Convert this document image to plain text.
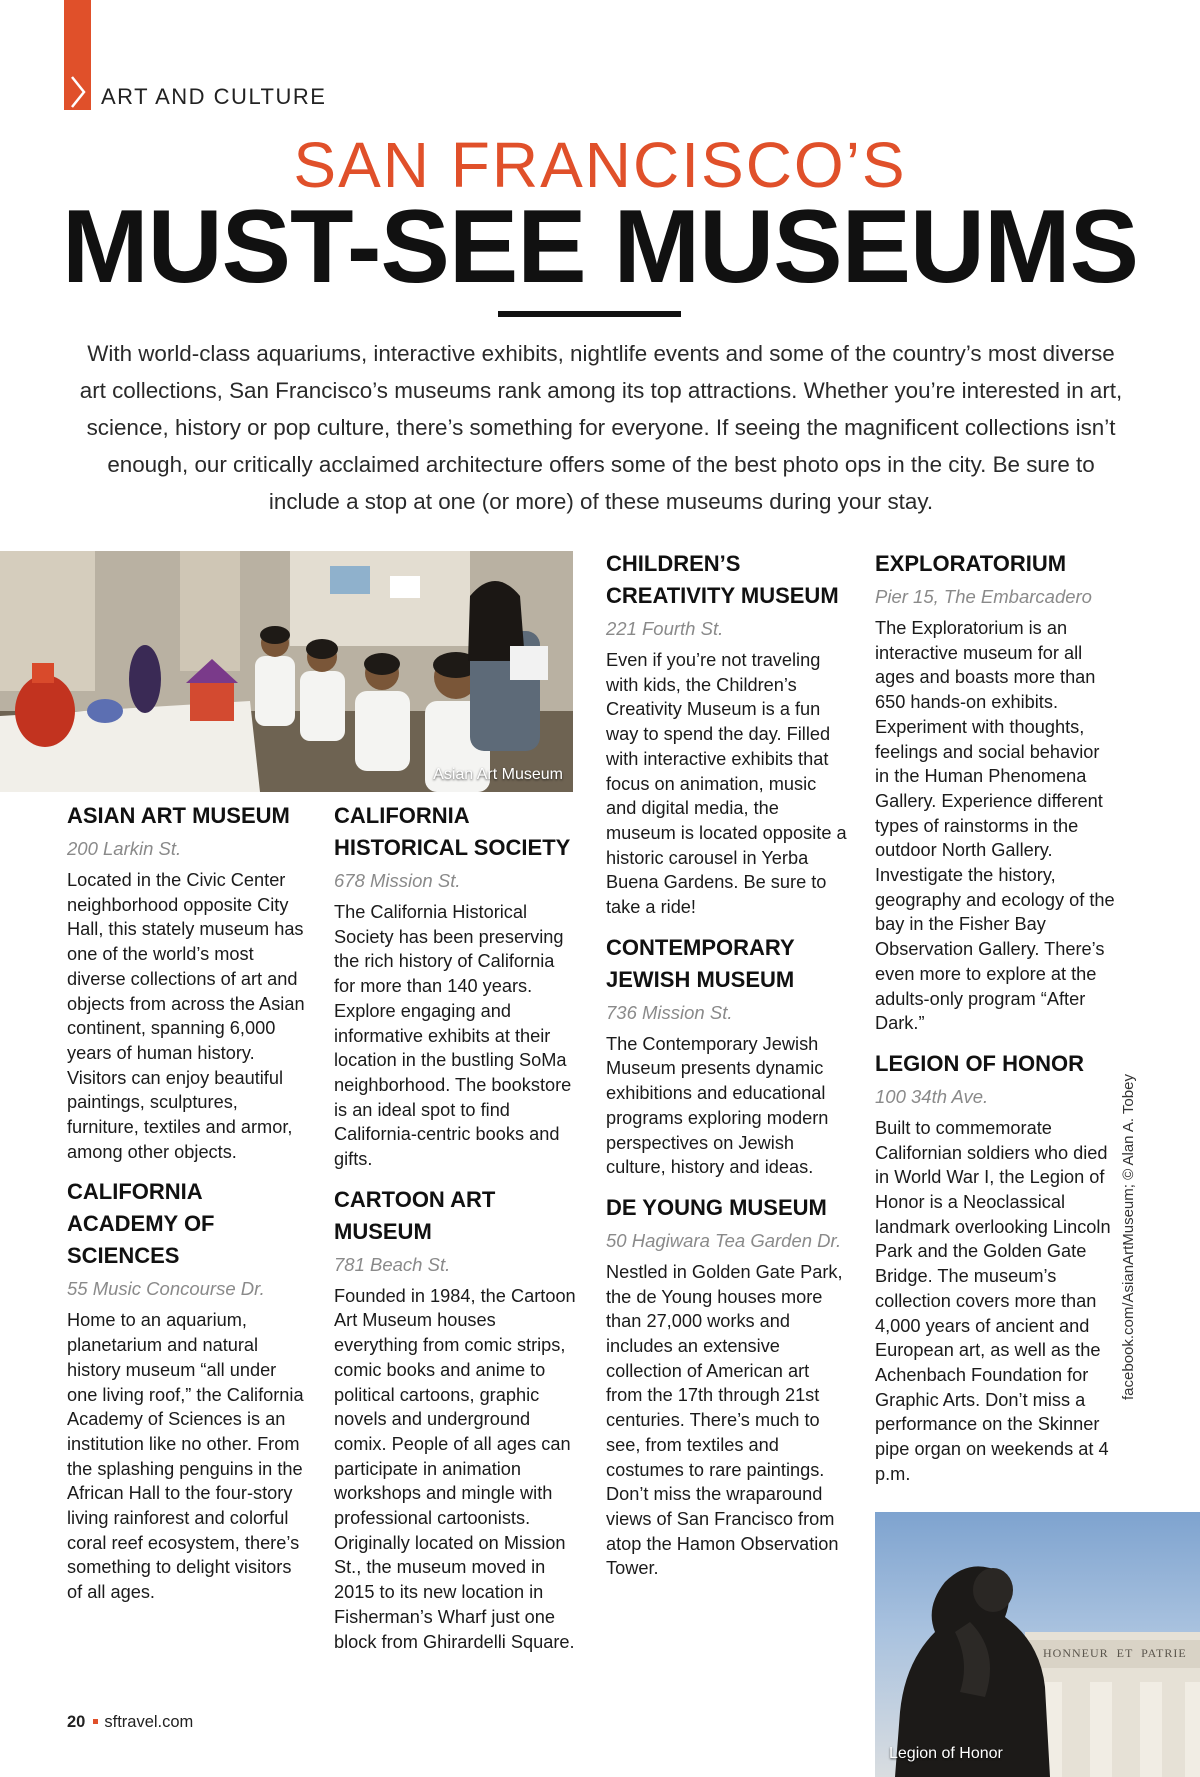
ART AND CULTURE
SAN FRANCISCO’S
MUST-SEE MUSEUMS
With world-class aquariums, interactive exhibits, nightlife events and some of the country’s most diverse art collections, San Francisco’s museums rank among its top attractions. Whether you’re interested in art, science, history or pop culture, there’s something for everyone. If seeing the magnificent collections isn’t enough, our critically acclaimed architecture offers some of the best photo ops in the city. Be sure to include a stop at one (or more) of these museums during your stay.
Asian Art Museum
ASIAN ART MUSEUM
200 Larkin St.

Located in the Civic Center neighborhood opposite City Hall, this stately museum has one of the world’s most diverse collections of art and objects from across the Asian continent, spanning 6,000 years of human history. Visitors can enjoy beautiful paintings, sculptures, furniture, textiles and armor, among other objects.

CALIFORNIA ACADEMY OF SCIENCES
55 Music Concourse Dr.

Home to an aquarium, planetarium and natural history museum “all under one living roof,” the California Academy of Sciences is an institution like no other. From the splashing penguins in the African Hall to the four-story living rainforest and colorful coral reef ecosystem, there’s something to delight visitors of all ages.

CALIFORNIA HISTORICAL SOCIETY
678 Mission St.

The California Historical Society has been preserving the rich history of California for more than 140 years. Explore engaging and informative exhibits at their location in the bustling SoMa neighborhood. The bookstore is an ideal spot to find California-centric books and gifts.

CARTOON ART MUSEUM
781 Beach St.

Founded in 1984, the Cartoon Art Museum houses everything from comic strips, comic books and anime to political cartoons, graphic novels and underground comix. People of all ages can participate in animation workshops and mingle with professional cartoonists. Originally located on Mission St., the museum moved in 2015 to its new location in Fisherman’s Wharf just one block from Ghirardelli Square.

CHILDREN’S CREATIVITY MUSEUM
221 Fourth St.

Even if you’re not traveling with kids, the Children’s Creativity Museum is a fun way to spend the day. Filled with interactive exhibits that focus on animation, music and digital media, the museum is located opposite a historic carousel in Yerba Buena Gardens. Be sure to take a ride!

CONTEMPORARY JEWISH MUSEUM
736 Mission St.

The Contemporary Jewish Museum presents dynamic exhibitions and educational programs exploring modern perspectives on Jewish culture, history and ideas.

DE YOUNG MUSEUM
50 Hagiwara Tea Garden Dr.

Nestled in Golden Gate Park, the de Young houses more than 27,000 works and includes an extensive collection of American art from the 17th through 21st centuries. There’s much to see, from textiles and costumes to rare paintings. Don’t miss the wraparound views of San Francisco from atop the Hamon Observation Tower.

EXPLORATORIUM
Pier 15, The Embarcadero

The Exploratorium is an interactive museum for all ages and boasts more than 650 hands-on exhibits. Experiment with thoughts, feelings and social behavior in the Human Phenomena Gallery. Experience different types of rainstorms in the outdoor North Gallery. Investigate the history, geography and ecology of the bay in the Fisher Bay Observation Gallery. There’s even more to explore at the adults-only program “After Dark.”

LEGION OF HONOR
100 34th Ave.

Built to commemorate Californian soldiers who died in World War I, the Legion of Honor is a Neoclassical landmark overlooking Lincoln Park and the Golden Gate Bridge. The museum’s collection covers more than 4,000 years of ancient and European art, as well as the Achenbach Foundation for Graphic Arts. Don’t miss a performance on the Skinner pipe organ on weekends at 4 p.m.

HONNEUR  ET  PATRIE
Legion of Honor
facebook.com/AsianArtMuseum; © Alan A. Tobey
20 sftravel.com
